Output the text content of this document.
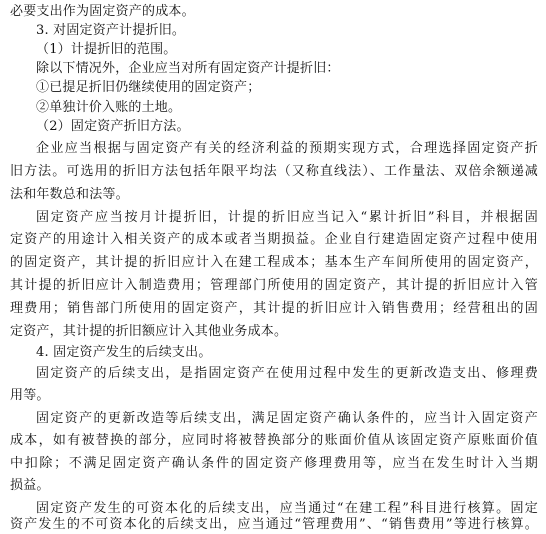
必要支出作为固定资产的成本。
3. 对固定资产计提折旧。
（1）计提折旧的范围。
除以下情况外，企业应当对所有固定资产计提折旧：
①已提足折旧仍继续使用的固定资产；
②单独计价入账的土地。
（2）固定资产折旧方法。
企业应当根据与固定资产有关的经济利益的预期实现方式，合理选择固定资产折
旧方法。可选用的折旧方法包括年限平均法（又称直线法）、工作量法、双倍余额递减
法和年数总和法等。
固定资产应当按月计提折旧，计提的折旧应当记入“累计折旧”科目，并根据固
定资产的用途计入相关资产的成本或者当期损益。企业自行建造固定资产过程中使用
的固定资产，其计提的折旧应计入在建工程成本；基本生产车间所使用的固定资产，
其计提的折旧应计入制造费用；管理部门所使用的固定资产，其计提的折旧应计入管
理费用；销售部门所使用的固定资产，其计提的折旧应计入销售费用；经营租出的固
定资产，其计提的折旧额应计入其他业务成本。
4. 固定资产发生的后续支出。
固定资产的后续支出，是指固定资产在使用过程中发生的更新改造支出、修理费
用等。
固定资产的更新改造等后续支出，满足固定资产确认条件的，应当计入固定资产
成本，如有被替换的部分，应同时将被替换部分的账面价值从该固定资产原账面价值
中扣除；不满足固定资产确认条件的固定资产修理费用等，应当在发生时计入当期
损益。
固定资产发生的可资本化的后续支出，应当通过“在建工程”科目进行核算。固定
资产发生的不可资本化的后续支出，应当通过“管理费用”、“销售费用”等进行核算。
